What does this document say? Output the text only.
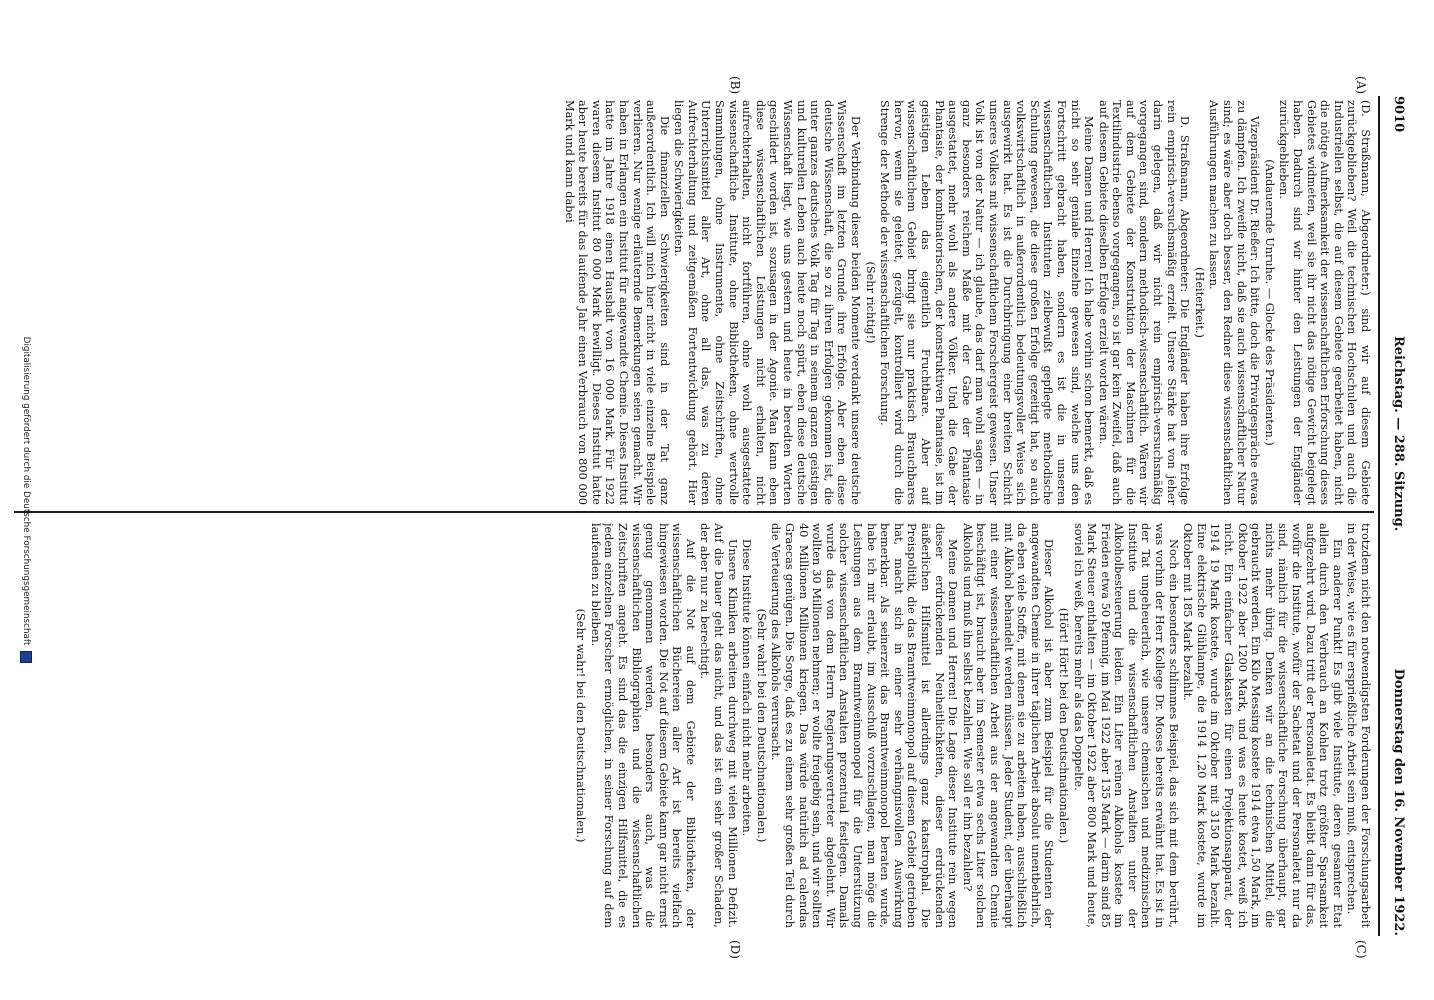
9010
Reichstag. — 288. Sitzung.
Donnerstag den 16. November 1922.
(A)
(B)
(C)
(D)

(D. Straßmann, Abgeordneter.) sind wir auf diesem Gebiete zurückgeblieben? Weil die technischen Hochschulen und auch die Industriellen selbst, die auf diesem Gebiete gearbeitet haben, nicht die nötige Aufmerksamkeit der wissenschaftlichen Erforschung dieses Gebietes widmeten, weil sie ihr nicht das nötige Gewicht beigelegt haben. Dadurch sind wir hinter den Leistungen der Engländer zurückgeblieben.

(Andauernde Unruhe. — Glocke des Präsidenten.)

Vizepräsident Dr. Rießer: Ich bitte, doch die Privatgespräche etwas zu dämpfen. Ich zweifle nicht, daß sie auch wissenschaftlicher Natur sind; es wäre aber doch besser, den Redner diese wissenschaftlichen Ausführungen machen zu lassen.

(Heiterkeit.)

D. Straßmann, Abgeordneter: Die Engländer haben ihre Erfolge rein empirisch-versuchsmäßig erzielt. Unsere Stärke hat von jeher darin gelegen, daß wir nicht rein empirisch-versuchsmäßig vorgegangen sind, sondern methodisch-wissenschaftlich. Wären wir auf dem Gebiete der Konstruktion der Maschinen für die Textilindustrie ebenso vorgegangen, so ist gar kein Zweifel, daß auch auf diesem Gebiete dieselben Erfolge erzielt worden wären.

Meine Damen und Herren! Ich habe vorhin schon bemerkt, daß es nicht so sehr geniale Einzelne gewesen sind, welche uns den Fortschritt gebracht haben, sondern es ist die in unseren wissenschaftlichen Instituten zielbewußt gepflegte methodische Schulung gewesen, die diese großen Erfolge gezeitigt hat, so auch volkswirtschaftlich in außerordentlich bedeutungsvoller Weise sich ausgewirkt hat. Es ist die Durchbringung einer breiten Schicht unseres Volkes mit wissenschaftlichem Forschergeist gewesen. Unser Volk ist von der Natur — ich glaube, das darf man wohl sagen — in ganz besonders reichem Maße mit der Gabe der Phantasie ausgestattet, mehr wohl als andere Völker. Und die Gabe der Phantasie, der kombinatorischen, der konstruktiven Phantasie, ist im geistigen Leben das eigentlich Fruchtbare. Aber auf wissenschaftlichem Gebiet bringt sie nur praktisch Brauchbares hervor, wenn sie geleitet, gezügelt, kontrolliert wird durch die Strenge der Methode der wissenschaftlichen Forschung.

(Sehr richtig!)

Der Verbindung dieser beiden Momente verdankt unsere deutsche Wissenschaft im letzten Grunde ihre Erfolge. Aber eben diese deutsche Wissenschaft, die so zu ihren Erfolgen gekommen ist, die unter ganzes deutsches Volk Tag für Tag in seinem ganzen geistigen und kulturellen Leben auch heute noch spürt, eben diese deutsche Wissenschaft liegt, wie uns gestern und heute in beredten Worten geschildert worden ist, sozusagen in der Agonie. Man kann eben diese wissenschaftlichen Leistungen nicht erhalten, nicht aufrechterhalten, nicht fortführen, ohne wohl ausgestattete wissenschaftliche Institute, ohne Bibliotheken, ohne wertvolle Sammlungen, ohne Instrumente, ohne Zeitschriften, ohne Unterrichtsmittel aller Art, ohne all das, was zu deren Aufrechterhaltung und zeitgemäßen Fortentwicklung gehört. Hier liegen die Schwierigkeiten.

Die finanziellen Schwierigkeiten sind in der Tat ganz außerordentlich. Ich will mich hier nicht in viele einzelne Beispiele verlieren. Nur wenige erläuternde Bemerkungen seien gemacht. Wir haben in Erlangen ein Institut für angewandte Chemie. Dieses Institut hatte im Jahre 1918 einen Haushalt von 16 000 Mark. Für 1922 waren diesem Institut 80 000 Mark bewilligt. Dieses Institut hatte aber heute bereits für das laufende Jahr einen Verbrauch von 800 000 Mark und kann dabei

trotzdem nicht den notwendigsten Forderungen der Forschungsarbeit in der Weise, wie es für ersprießliche Arbeit sein muß, entsprechen.

Ein anderer Punkt! Es gibt viele Institute, deren gesamter Etat allein durch den Verbrauch an Kohlen trotz größter Sparsamkeit aufgezehrt wird. Dazu tritt der Personaletat. Es bleibt dann für das, wofür die Institute, wofür der Sachetat und der Personaletat nur da sind, nämlich für die wissenschaftliche Forschung überhaupt, gar nichts mehr übrig. Denken wir an die technischen Mittel, die gebraucht werden. Ein Kilo Messing kostete 1914 etwa 1,50 Mark, im Oktober 1922 aber 1200 Mark, und was es heute kostet, weiß ich nicht. Ein einfacher Glaskasten für einen Projektionsapparat, der 1914 19 Mark kostete, wurde im Oktober mit 3150 Mark bezahlt. Eine elektrische Glühlampe, die 1914 1,20 Mark kostete, wurde im Oktober mit 185 Mark bezahlt.

Noch ein besonders schlimmes Beispiel, das sich mit dem berührt, was vorhin der Herr Kollege Dr. Moses bereits erwähnt hat. Es ist in der Tat ungeheuerlich, wie unsere chemischen und medizinischen Institute und die wissenschaftlichen Anstalten unter der Alkoholbesteuerung leiden. Ein Liter reinen Alkohols kostete im Frieden etwa 50 Pfennig, im Mai 1922 aber 135 Mark — darin sind 85 Mark Steuer enthalten — im Oktober 1922 aber 800 Mark und heute, soviel ich weiß, bereits mehr als das Doppelte.

(Hört! Hört! bei den Deutschnationalen.)

Dieser Alkohol ist aber zum Beispiel für die Studenten der angewandten Chemie in ihrer täglichen Arbeit absolut unentbehrlich, da eben viele Stoffe, mit denen sie zu arbeiten haben, ausschließlich mit Alkohol behandelt werden müssen. Jeder Student, der überhaupt mit einer wissenschaftlichen Arbeit aus der angewandten Chemie beschäftigt ist, braucht aber im Semester etwa sechs Liter solchen Alkohols und muß ihn selbst bezahlen. Wie soll er ihn bezahlen?

Meine Damen und Herren! Die Lage dieser Institute rein wegen dieser erdrückenden Neuheitlichkeiten, dieser erdrückenden äußerlichen Hilfsmittel ist allerdings ganz katastrophal. Die Preispolitik, die das Branntweinmonopol auf diesem Gebiet getrieben hat, macht sich in einer sehr verhängnisvollen Auswirkung bemerkbar. Als seinerzeit das Branntweinmonopol beraten wurde, habe ich mir erlaubt, im Ausschuß vorzuschlagen, man möge die Leistungen aus dem Branntweinmonopol für die Unterstützung solcher wissenschaftlichen Anstalten prozentual festlegen. Damals wurde das von dem Herrn Regierungsvertreter abgelehnt. Wir wollten 30 Millionen nehmen; er wollte freigebig sein, und wir sollten 40 Millionen Millionen kriegen. Das würde natürlich ad calendas Graecas genügen. Die Sorge, daß es zu einem sehr großen Teil durch die Verteuerung des Alkohols verursacht.

(Sehr wahr! bei den Deutschnationalen.)

Diese Institute können einfach nicht mehr arbeiten.

Unsere Kliniken arbeiten durchweg mit vielen Millionen Defizit. Auf die Dauer geht das nicht, und das ist ein sehr großer Schaden, der aber nur zu berechtigt.

Auf die Not auf dem Gebiete der Bibliotheken, der wissenschaftlichen Büchereien aller Art ist bereits vielfach hingewiesen worden. Die Not auf diesem Gebiete kann gar nicht ernst genug genommen werden, besonders auch, was die wissenschaftlichen Bibliographien und die wissenschaftlichen Zeitschriften angeht. Es sind das die einzigen Hilfsmittel, die es jedem einzelnen Forscher ermöglichen, in seiner Forschung auf dem laufenden zu bleiben.

(Sehr wahr! bei den Deutschnationalen.)

Digitalisierung gefördert durch die Deutsche Forschungsgemeinschaft
